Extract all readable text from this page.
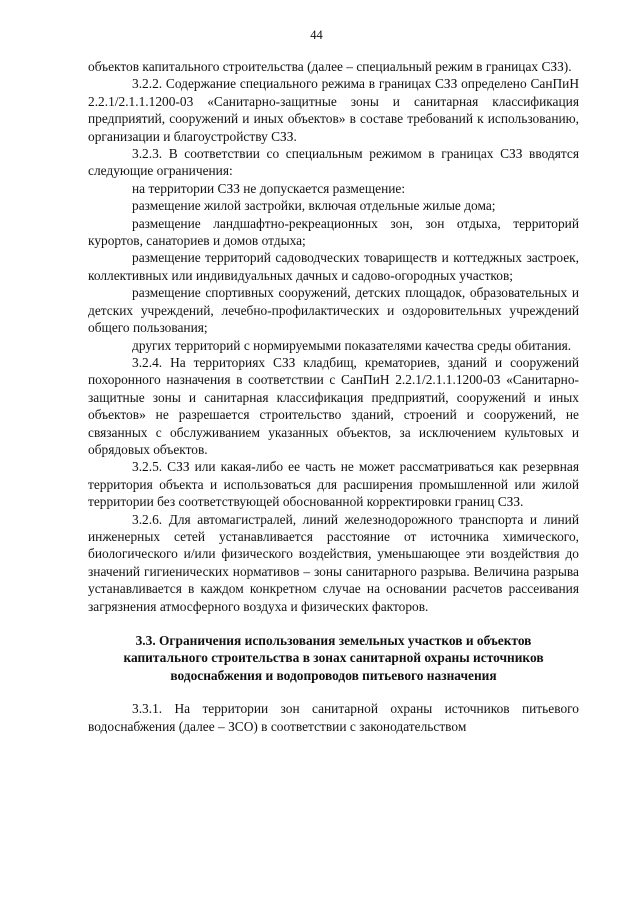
44

объектов капитального строительства (далее – специальный режим в границах СЗЗ).

3.2.2. Содержание специального режима в границах СЗЗ определено СанПиН 2.2.1/2.1.1.1200-03 «Санитарно-защитные зоны и санитарная классификация предприятий, сооружений и иных объектов» в составе требований к использованию, организации и благоустройству СЗЗ.

3.2.3. В соответствии со специальным режимом в границах СЗЗ вводятся следующие ограничения:

на территории СЗЗ не допускается размещение:

размещение жилой застройки, включая отдельные жилые дома;

размещение ландшафтно-рекреационных зон, зон отдыха, территорий курортов, санаториев и домов отдыха;

размещение территорий садоводческих товариществ и коттеджных застроек, коллективных или индивидуальных дачных и садово-огородных участков;

размещение спортивных сооружений, детских площадок, образовательных и детских учреждений, лечебно-профилактических и оздоровительных учреждений общего пользования;

других территорий с нормируемыми показателями качества среды обитания.

3.2.4. На территориях СЗЗ кладбищ, крематориев, зданий и сооружений похоронного назначения в соответствии с СанПиН 2.2.1/2.1.1.1200-03 «Санитарно-защитные зоны и санитарная классификация предприятий, сооружений и иных объектов» не разрешается строительство зданий, строений и сооружений, не связанных с обслуживанием указанных объектов, за исключением культовых и обрядовых объектов.

3.2.5. СЗЗ или какая-либо ее часть не может рассматриваться как резервная территория объекта и использоваться для расширения промышленной или жилой территории без соответствующей обоснованной корректировки границ СЗЗ.

3.2.6. Для автомагистралей, линий железнодорожного транспорта и линий инженерных сетей устанавливается расстояние от источника химического, биологического и/или физического воздействия, уменьшающее эти воздействия до значений гигиенических нормативов – зоны санитарного разрыва. Величина разрыва устанавливается в каждом конкретном случае на основании расчетов рассеивания загрязнения атмосферного воздуха и физических факторов.

3.3. Ограничения использования земельных участков и объектов капитального строительства в зонах санитарной охраны источников водоснабжения и водопроводов питьевого назначения

3.3.1. На территории зон санитарной охраны источников питьевого водоснабжения (далее – ЗСО) в соответствии с законодательством
